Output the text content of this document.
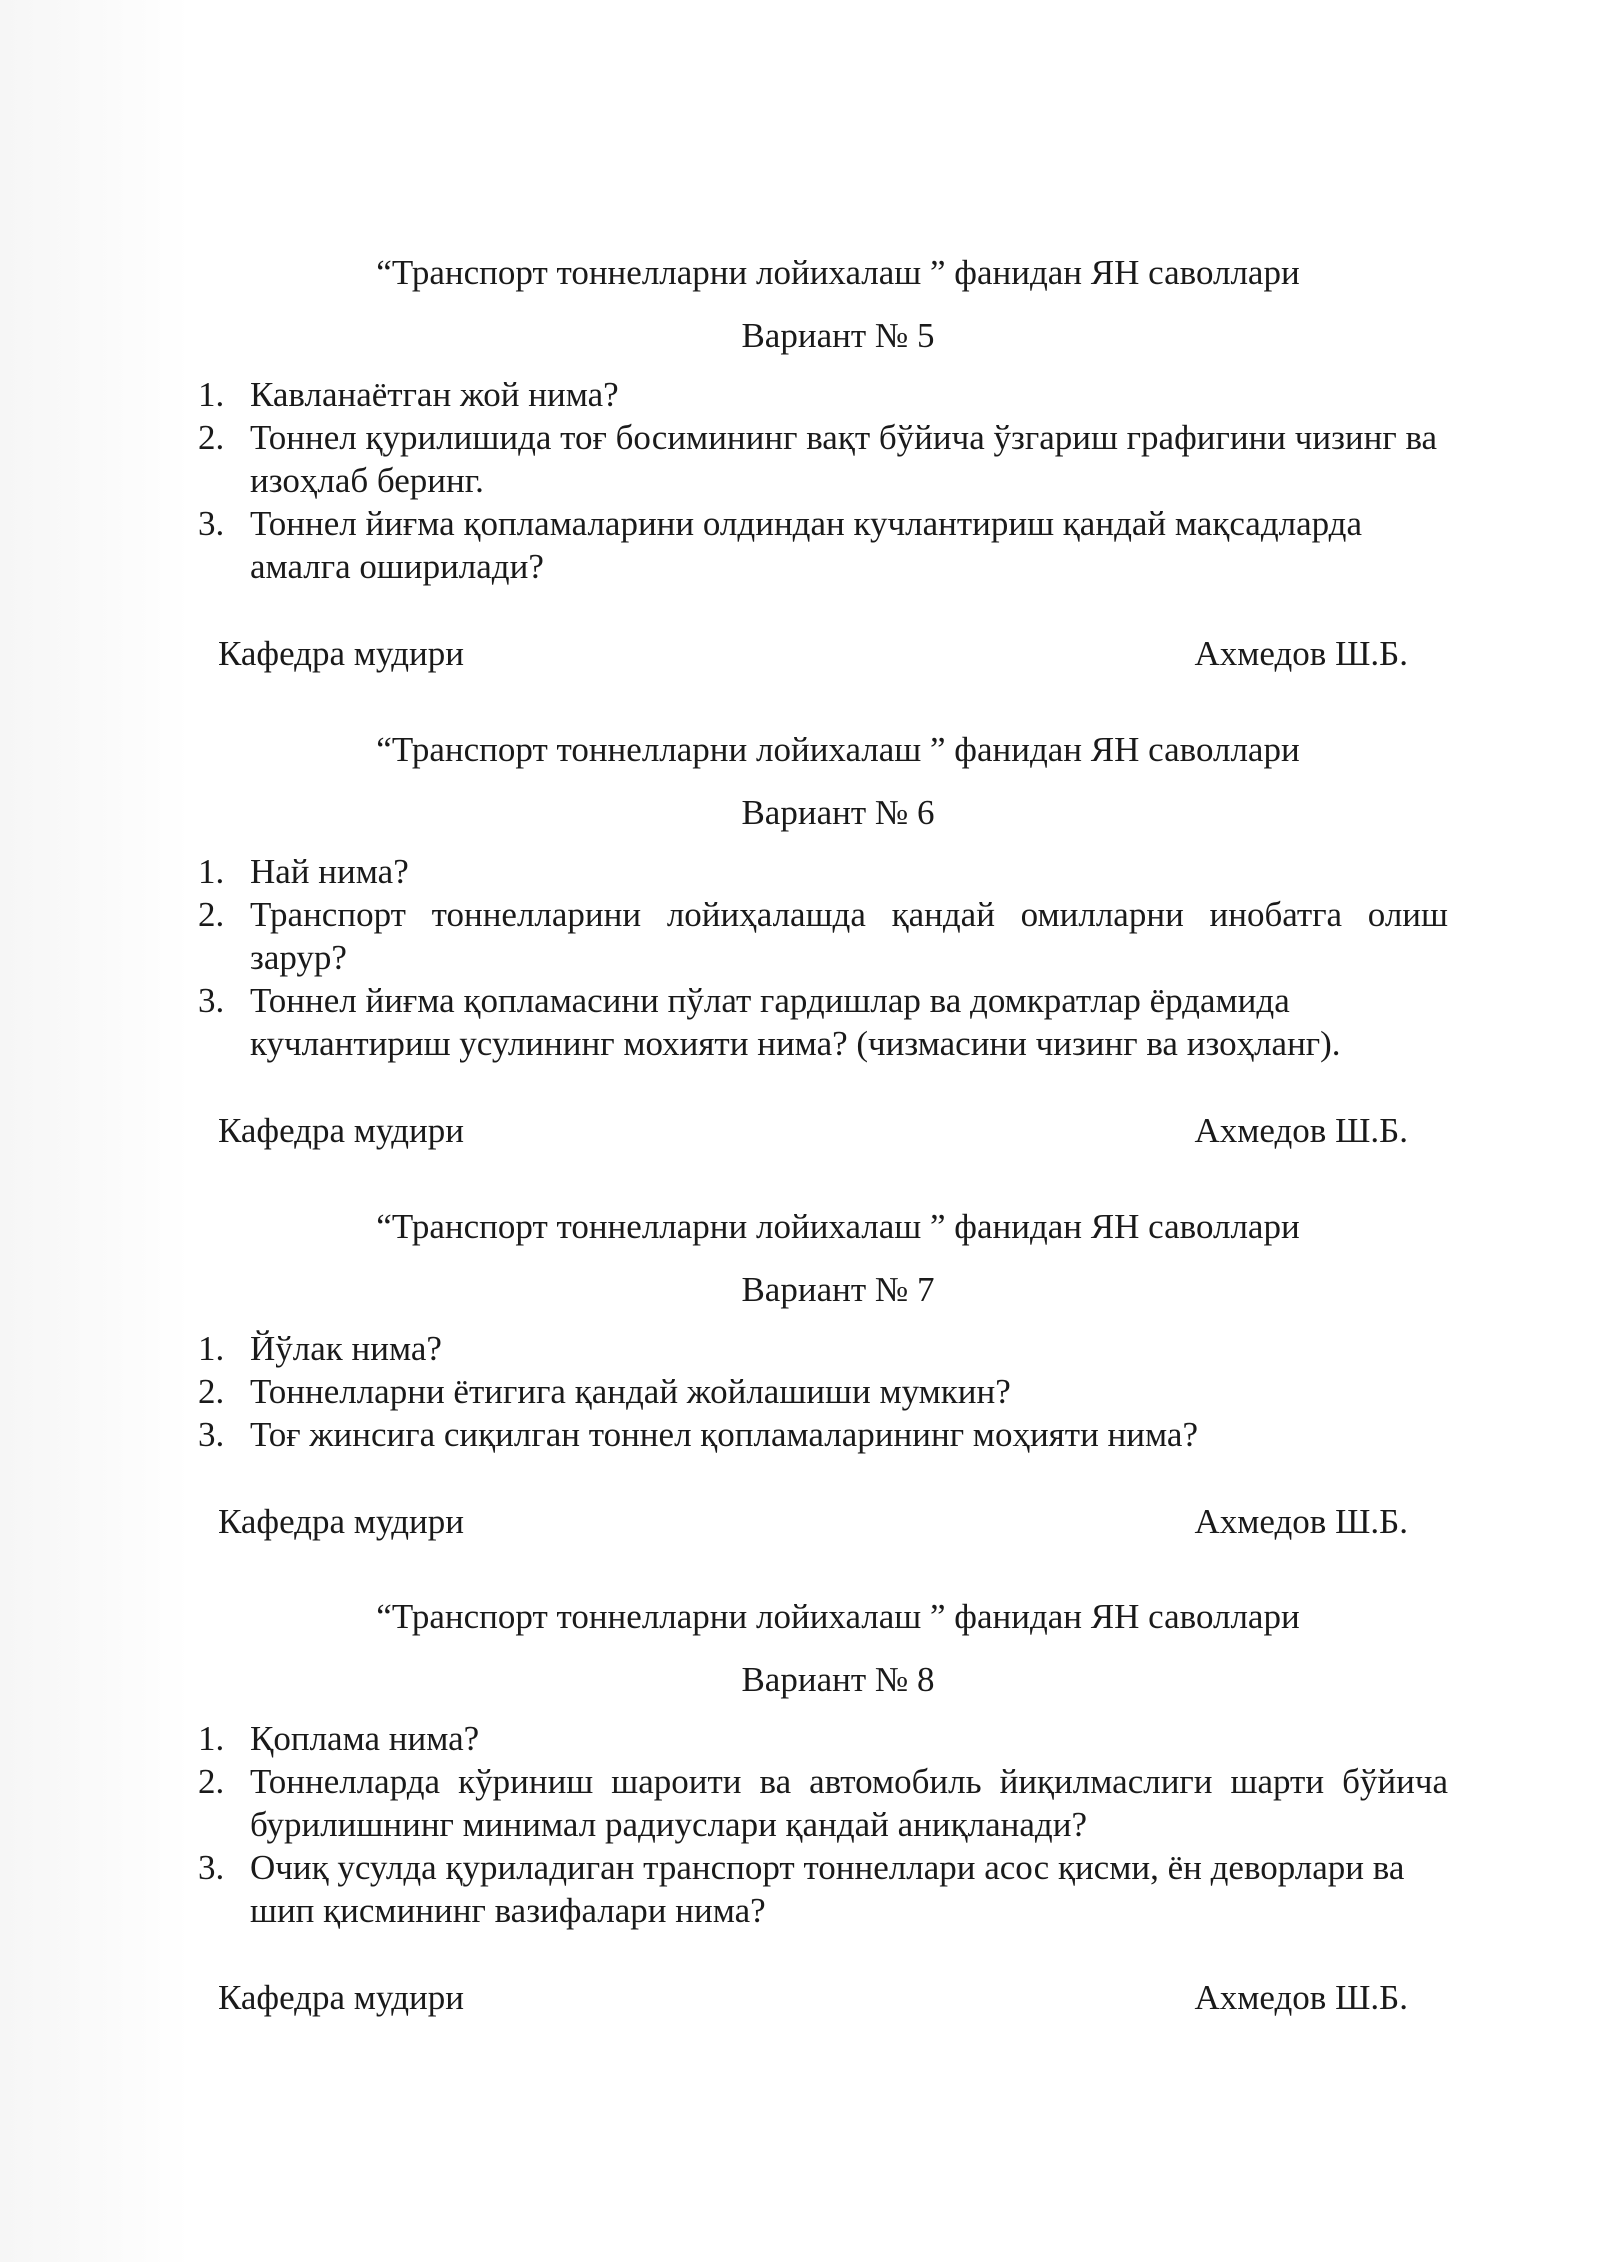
“Транспорт тоннелларни лойихалаш ” фанидан ЯН саволлари

Вариант № 5

1. Кавланаётган жой нима?
2. Тоннел қурилишида тоғ босимининг вақт бўйича ўзгариш графигини чизинг ва изоҳлаб беринг.
3. Тоннел йиғма қопламаларини олдиндан кучлантириш қандай мақсадларда амалга оширилади?
Кафедра мудири	Ахмедов Ш.Б.

“Транспорт тоннелларни лойихалаш ” фанидан ЯН саволлари

Вариант № 6

1. Най нима?
2. Транспорт тоннелларини лойиҳалашда қандай омилларни инобатга олиш зарур?
3. Тоннел йиғма қопламасини пўлат гардишлар ва домкратлар ёрдамида кучлантириш усулининг мохияти нима? (чизмасини чизинг ва изоҳланг).
Кафедра мудири	Ахмедов Ш.Б.

“Транспорт тоннелларни лойихалаш ” фанидан ЯН саволлари

Вариант № 7

1. Йўлак нима?
2. Тоннелларни ётигига қандай жойлашиши мумкин?
3. Тоғ жинсига сиқилган тоннел қопламаларининг моҳияти нима?
Кафедра мудири	Ахмедов Ш.Б.

“Транспорт тоннелларни лойихалаш ” фанидан ЯН саволлари

Вариант № 8

1. Қоплама нима?
2. Тоннелларда кўриниш шароити ва автомобиль йиқилмаслиги шарти бўйича бурилишнинг минимал радиуслари қандай аниқланади?
3. Очиқ усулда қуриладиган транспорт тоннеллари асос қисми, ён деворлари ва шип қисмининг вазифалари нима?
Кафедра мудири	Ахмедов Ш.Б.
